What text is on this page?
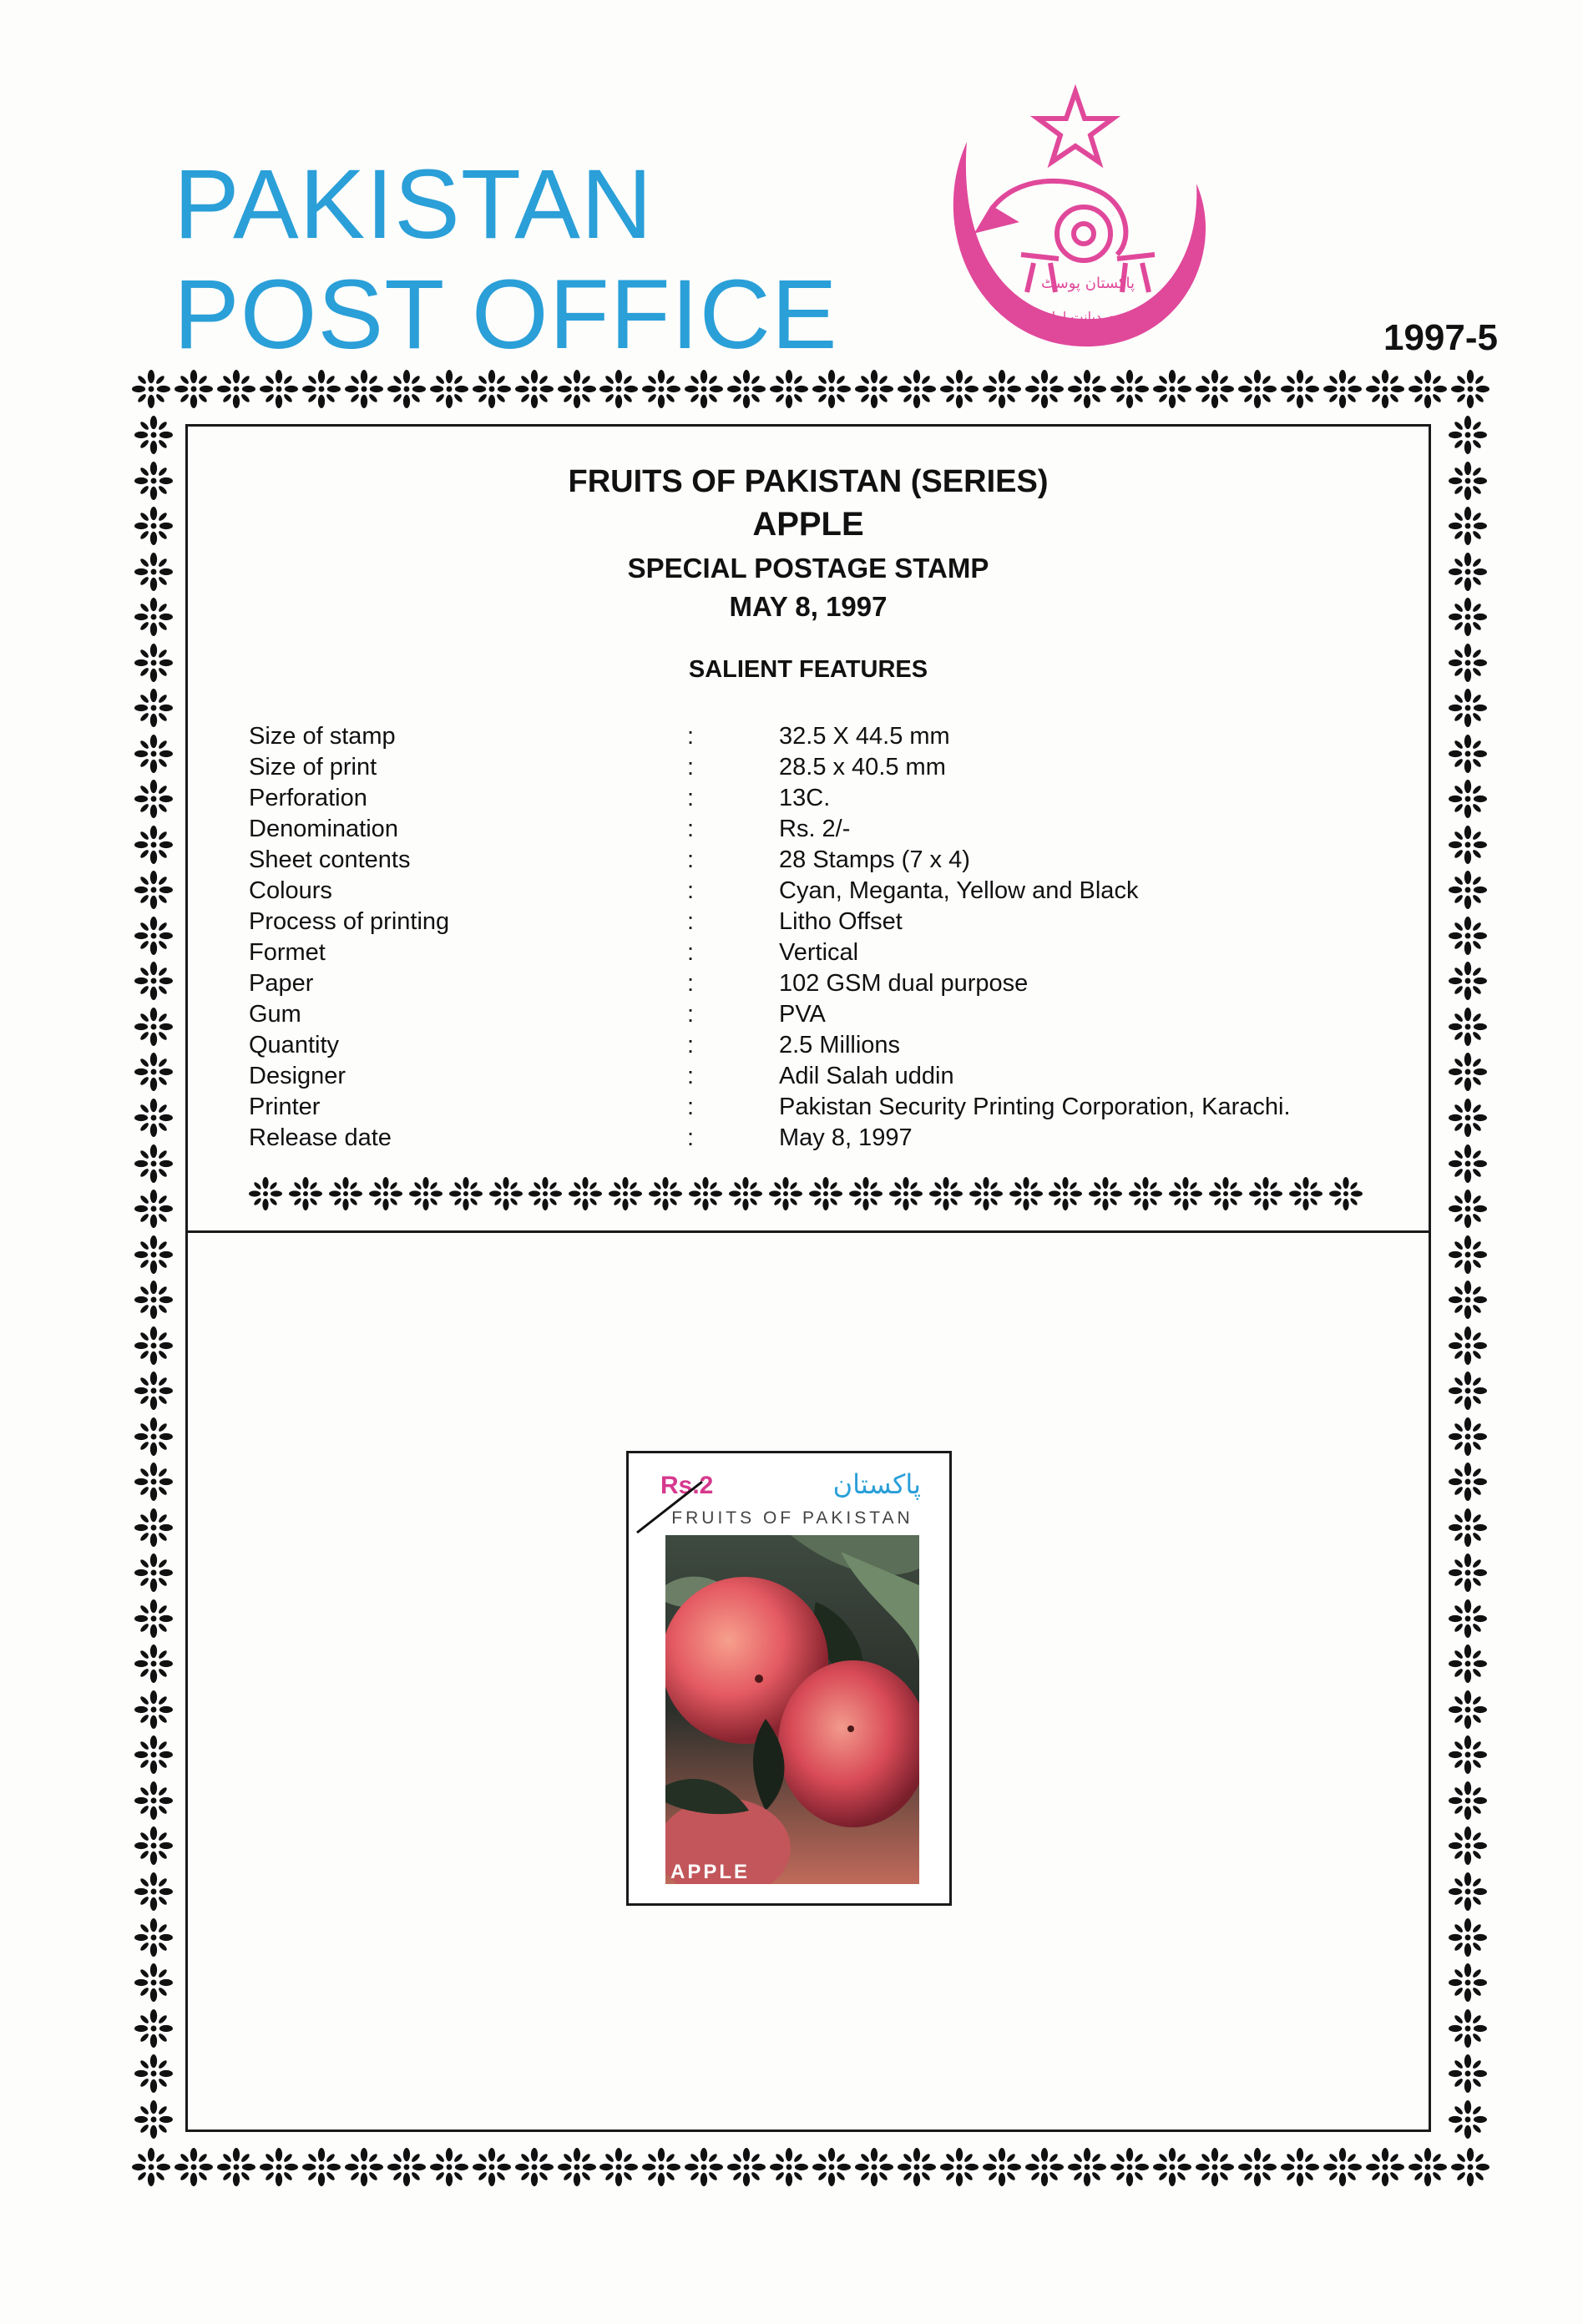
PAKISTAN
POST OFFICE	1997-5
پاکستان پوسٹ
خدمت دیانت امانت
FRUITS OF PAKISTAN (SERIES)
APPLE
SPECIAL POSTAGE STAMP
MAY 8, 1997
SALIENT FEATURES
Size of stamp	:	32.5 X 44.5 mm
Size of print	:	28.5 x 40.5 mm
Perforation	:	13C.
Denomination	:	Rs. 2/-
Sheet contents	:	28 Stamps (7 x 4)
Colours	:	Cyan, Meganta, Yellow and Black
Process of printing	:	Litho Offset
Formet	:	Vertical
Paper	:	102 GSM dual purpose
Gum	:	PVA
Quantity	:	2.5 Millions
Designer	:	Adil Salah uddin
Printer	:	Pakistan Security Printing Corporation, Karachi.
Release date	:	May 8, 1997
Rs.2	پاکستان
FRUITS OF PAKISTAN
APPLE
